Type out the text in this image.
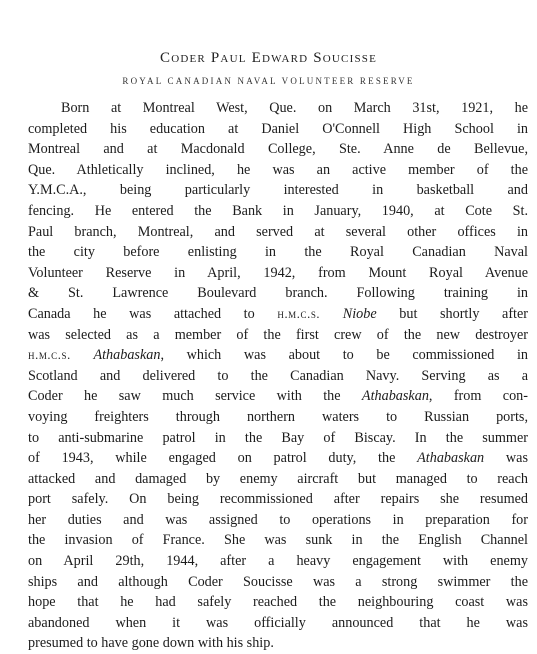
Coder Paul Edward Soucisse
ROYAL CANADIAN NAVAL VOLUNTEER RESERVE
Born at Montreal West, Que. on March 31st, 1921, he
completed his education at Daniel O'Connell High School in
Montreal and at Macdonald College, Ste. Anne de Bellevue,
Que. Athletically inclined, he was an active member of the
Y.M.C.A., being particularly interested in basketball and
fencing. He entered the Bank in January, 1940, at Cote St.
Paul branch, Montreal, and served at several other offices in
the city before enlisting in the Royal Canadian Naval
Volunteer Reserve in April, 1942, from Mount Royal Avenue
& St. Lawrence Boulevard branch. Following training in
Canada he was attached to h.m.c.s. Niobe but shortly after
was selected as a member of the first crew of the new destroyer
h.m.c.s. Athabaskan, which was about to be commissioned in
Scotland and delivered to the Canadian Navy. Serving as a
Coder he saw much service with the Athabaskan, from con-
voying freighters through northern waters to Russian ports,
to anti-submarine patrol in the Bay of Biscay. In the summer
of 1943, while engaged on patrol duty, the Athabaskan was
attacked and damaged by enemy aircraft but managed to reach
port safely. On being recommissioned after repairs she resumed
her duties and was assigned to operations in preparation for
the invasion of France. She was sunk in the English Channel
on April 29th, 1944, after a heavy engagement with enemy
ships and although Coder Soucisse was a strong swimmer the
hope that he had safely reached the neighbouring coast was
abandoned when it was officially announced that he was
presumed to have gone down with his ship.
